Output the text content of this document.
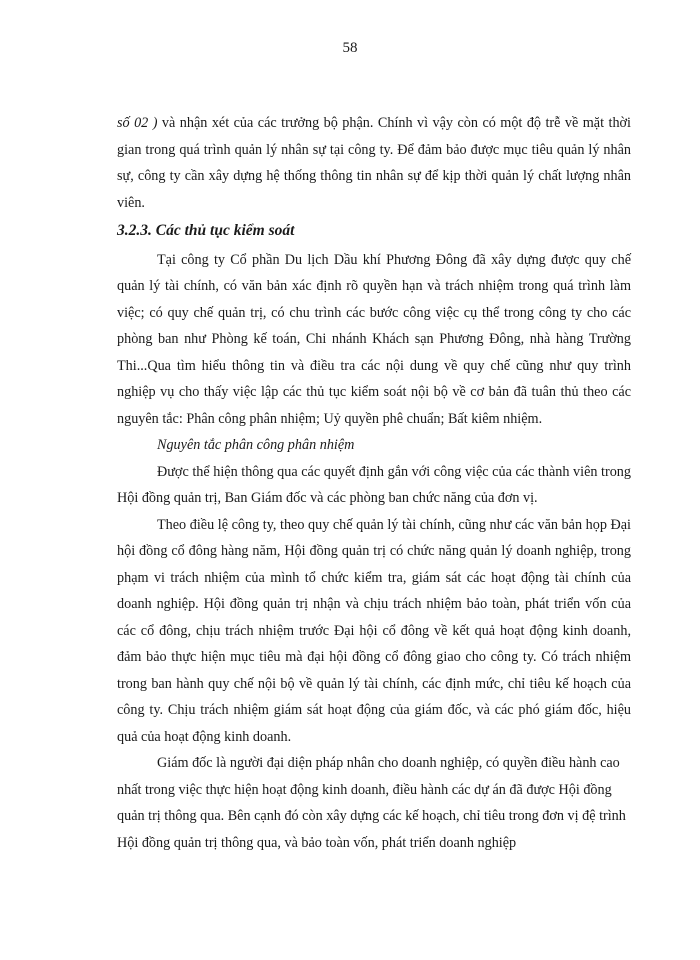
58

số 02 ) và nhận xét của các trưởng bộ phận. Chính vì vậy còn có một độ trễ về mặt thời gian trong quá trình quản lý nhân sự tại công ty. Để đảm bảo được mục tiêu quản lý nhân sự, công ty cần xây dựng hệ thống thông tin nhân sự để kịp thời quản lý chất lượng nhân viên.

3.2.3. Các thủ tục kiểm soát

Tại công ty Cổ phần Du lịch Dầu khí Phương Đông đã xây dựng được quy chế quản lý tài chính, có văn bản xác định rõ quyền hạn và trách nhiệm trong quá trình làm việc; có quy chế quản trị, có chu trình các bước công việc cụ thể trong công ty cho các phòng ban như Phòng kế toán, Chi nhánh Khách sạn Phương Đông, nhà hàng Trường Thi...Qua tìm hiểu thông tin và điều tra các nội dung về quy chế cũng như quy trình nghiệp vụ cho thấy việc lập các thủ tục kiểm soát nội bộ về cơ bản đã tuân thủ theo các nguyên tắc: Phân công phân nhiệm; Uỷ quyền phê chuẩn; Bất kiêm nhiệm.

Nguyên tắc phân công phân nhiệm

Được thể hiện thông qua các quyết định gắn với công việc của các thành viên trong Hội đồng quản trị, Ban Giám đốc và các phòng ban chức năng của đơn vị.

Theo điều lệ công ty, theo quy chế quản lý tài chính, cũng như các văn bản họp Đại hội đồng cổ đông hàng năm, Hội đồng quản trị có chức năng quản lý doanh nghiệp, trong phạm vi trách nhiệm của mình tổ chức kiểm tra, giám sát các hoạt động tài chính của doanh nghiệp. Hội đồng quản trị nhận và chịu trách nhiệm bảo toàn, phát triển vốn của các cổ đông, chịu trách nhiệm trước Đại hội cổ đông về kết quả hoạt động kinh doanh, đảm bảo thực hiện mục tiêu mà đại hội đồng cổ đông giao cho công ty. Có trách nhiệm trong ban hành quy chế nội bộ về quản lý tài chính, các định mức, chỉ tiêu kế hoạch của công ty. Chịu trách nhiệm giám sát hoạt động của giám đốc, và các phó giám đốc, hiệu quả của hoạt động kinh doanh.

Giám đốc là người đại diện pháp nhân cho doanh nghiệp, có quyền điều hành cao nhất trong việc thực hiện hoạt động kinh doanh, điều hành các dự án đã được Hội đồng quản trị thông qua. Bên cạnh đó còn xây dựng các kế hoạch, chỉ tiêu trong đơn vị đệ trình Hội đồng quản trị thông qua, và bảo toàn vốn, phát triển doanh nghiệp
